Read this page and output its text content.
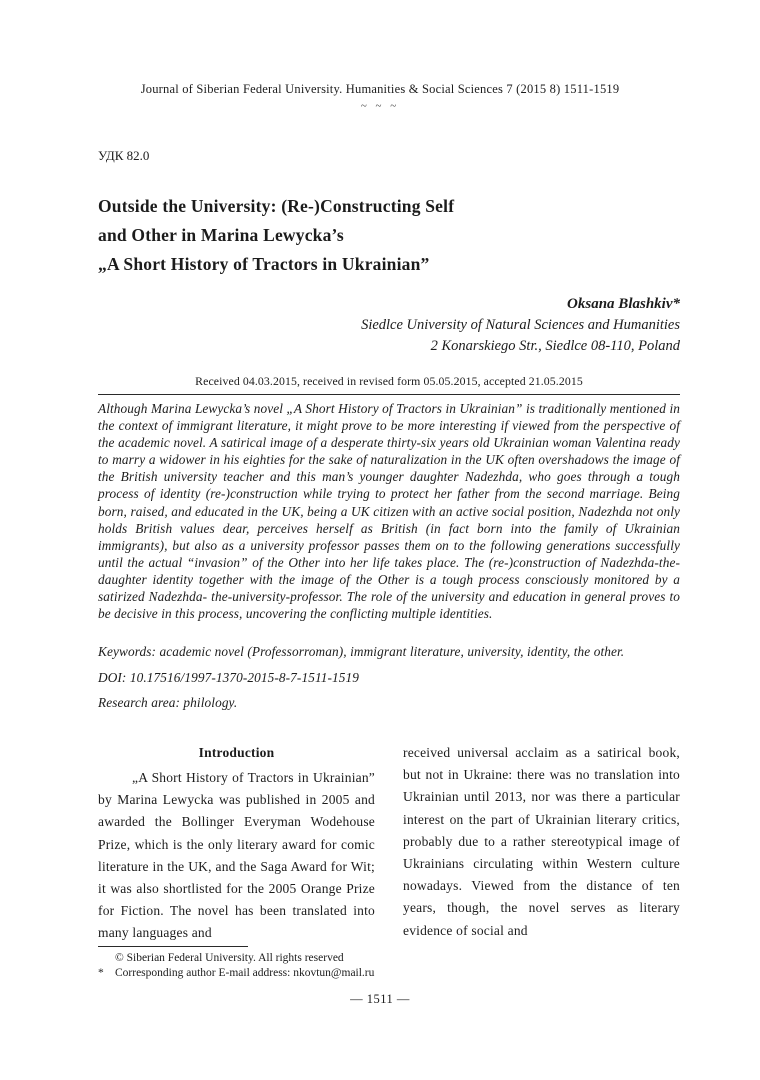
Journal of Siberian Federal University. Humanities & Social Sciences 7 (2015 8) 1511-1519
~ ~ ~
УДК 82.0
Outside the University: (Re-)Constructing Self
and Other in Marina Lewycka’s
„A Short History of Tractors in Ukrainian”
Oksana Blashkiv*
Siedlce University of Natural Sciences and Humanities
2 Konarskiego Str., Siedlce 08-110, Poland
Received 04.03.2015, received in revised form 05.05.2015, accepted 21.05.2015
Although Marina Lewycka’s novel „A Short History of Tractors in Ukrainian” is traditionally mentioned in the context of immigrant literature, it might prove to be more interesting if viewed from the perspective of the academic novel. A satirical image of a desperate thirty-six years old Ukrainian woman Valentina ready to marry a widower in his eighties for the sake of naturalization in the UK often overshadows the image of the British university teacher and this man’s younger daughter Nadezhda, who goes through a tough process of identity (re-)construction while trying to protect her father from the second marriage. Being born, raised, and educated in the UK, being a UK citizen with an active social position, Nadezhda not only holds British values dear, perceives herself as British (in fact born into the family of Ukrainian immigrants), but also as a university professor passes them on to the following generations successfully until the actual “invasion” of the Other into her life takes place. The (re-)construction of Nadezhda-the-daughter identity together with the image of the Other is a tough process consciously monitored by a satirized Nadezhda- the-university-professor. The role of the university and education in general proves to be decisive in this process, uncovering the conflicting multiple identities.
Keywords: academic novel (Professorroman), immigrant literature, university, identity, the other.
DOI: 10.17516/1997-1370-2015-8-7-1511-1519
Research area: philology.
Introduction

„A Short History of Tractors in Ukrainian” by Marina Lewycka was published in 2005 and awarded the Bollinger Everyman Wodehouse Prize, which is the only literary award for comic literature in the UK, and the Saga Award for Wit; it was also shortlisted for the 2005 Orange Prize for Fiction. The novel has been translated into many languages and

received universal acclaim as a satirical book, but not in Ukraine: there was no translation into Ukrainian until 2013, nor was there a particular interest on the part of Ukrainian literary critics, probably due to a rather stereotypical image of Ukrainians circulating within Western culture nowadays. Viewed from the distance of ten years, though, the novel serves as literary evidence of social and

© Siberian Federal University. All rights reserved
* Corresponding author E-mail address: nkovtun@mail.ru
— 1511 —
